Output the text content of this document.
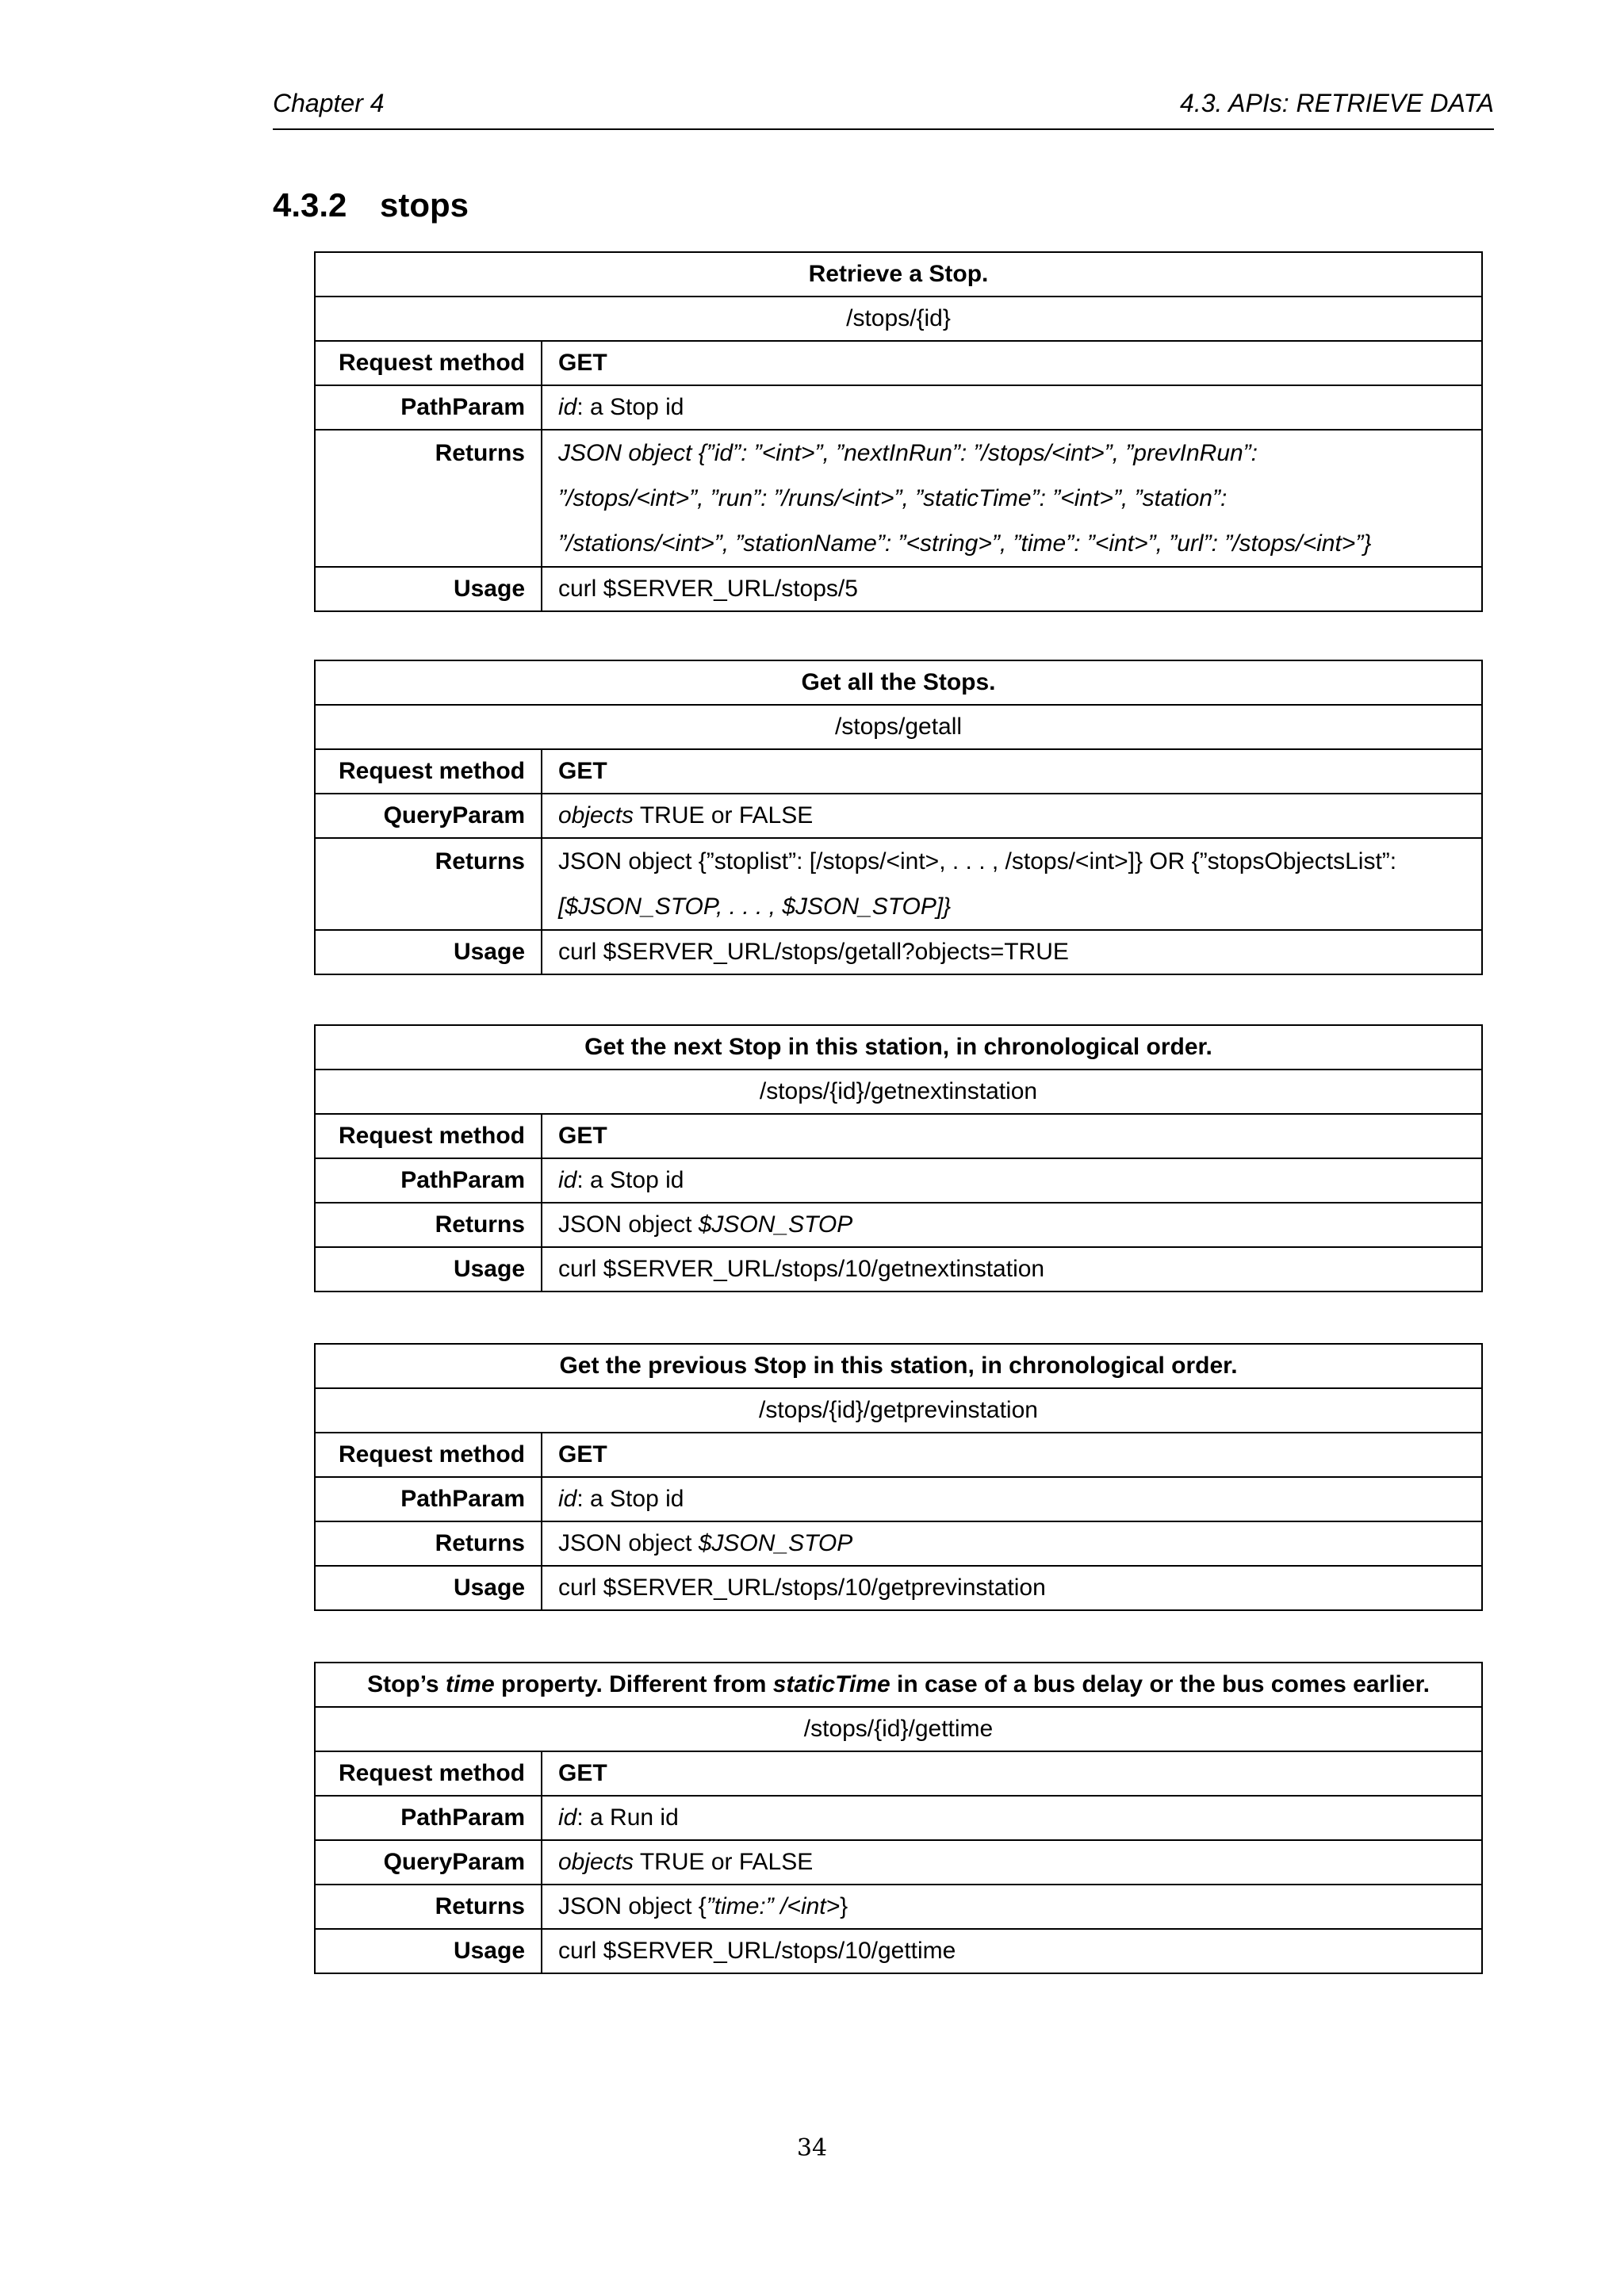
Chapter 4	4.3. APIs: RETRIEVE DATA
4.3.2 stops
Retrieve a Stop.	
/stops/{id}	
Request method	GET
PathParam	id: a Stop id
Returns	JSON object {”id”: ”<int>”, ”nextInRun”: ”/stops/<int>”, ”prevInRun”:
”/stops/<int>”, ”run”: ”/runs/<int>”, ”staticTime”: ”<int>”, ”station”:
”/stations/<int>”, ”stationName”: ”<string>”, ”time”: ”<int>”, ”url”: ”/stops/<int>”}

Usage	curl $SERVER_URL/stops/5
Get all the Stops.	
/stops/getall	
Request method	GET
QueryParam	objects TRUE or FALSE
Returns	JSON object {”stoplist”: [/stops/<int>, . . . , /stops/<int>]} OR {”stopsObjectsList”:
[$JSON_STOP, . . . , $JSON_STOP]}

Usage	curl $SERVER_URL/stops/getall?objects=TRUE
Get the next Stop in this station, in chronological order.	
/stops/{id}/getnextinstation	
Request method	GET
PathParam	id: a Stop id
Returns	JSON object $JSON_STOP
Usage	curl $SERVER_URL/stops/10/getnextinstation
Get the previous Stop in this station, in chronological order.	
/stops/{id}/getprevinstation	
Request method	GET
PathParam	id: a Stop id
Returns	JSON object $JSON_STOP
Usage	curl $SERVER_URL/stops/10/getprevinstation
Stop’s time property. Different from staticTime in case of a bus delay or the bus comes earlier.	
/stops/{id}/gettime	
Request method	GET
PathParam	id: a Run id
QueryParam	objects TRUE or FALSE
Returns	JSON object {”time:” /<int>}
Usage	curl $SERVER_URL/stops/10/gettime
34
